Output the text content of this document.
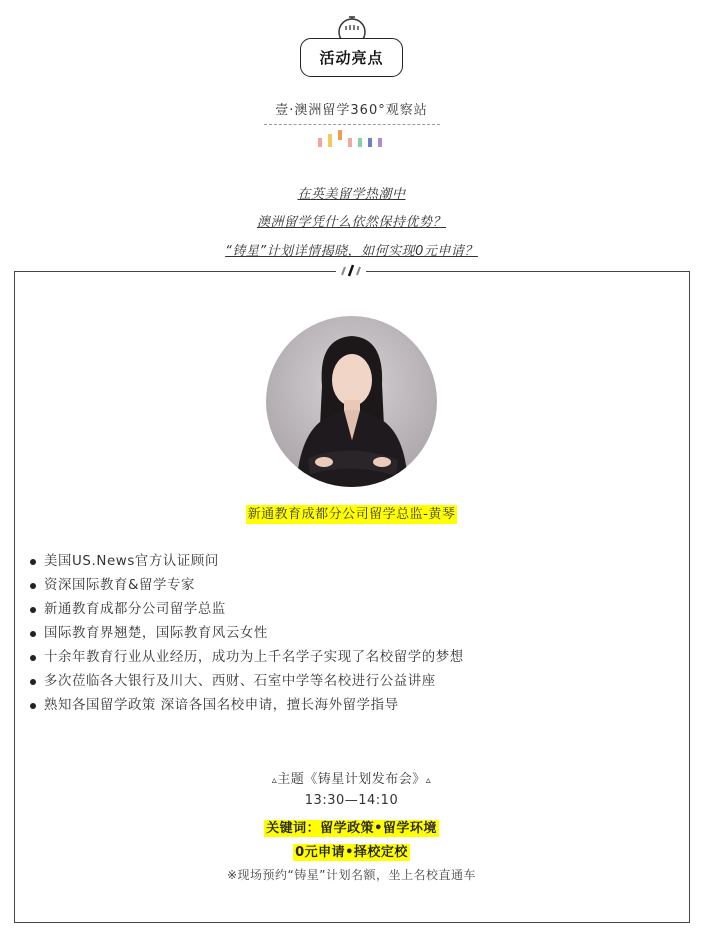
活动亮点
壹·澳洲留学360°观察站
在英美留学热潮中
澳洲留学凭什么依然保持优势？
“铸星”计划详情揭晓，如何实现0元申请？
新通教育成都分公司留学总监-黄琴
美国US.News官方认证顾问
资深国际教育&留学专家
新通教育成都分公司留学总监
国际教育界翘楚，国际教育风云女性
十余年教育行业从业经历，成功为上千名学子实现了名校留学的梦想
多次莅临各大银行及川大、西财、石室中学等名校进行公益讲座
熟知各国留学政策 深谙各国名校申请，擅长海外留学指导
▵主题《铸星计划发布会》▵
13:30—14:10
关键词：留学政策•留学环境
0元申请•择校定校
※现场预约“铸星”计划名额，坐上名校直通车
